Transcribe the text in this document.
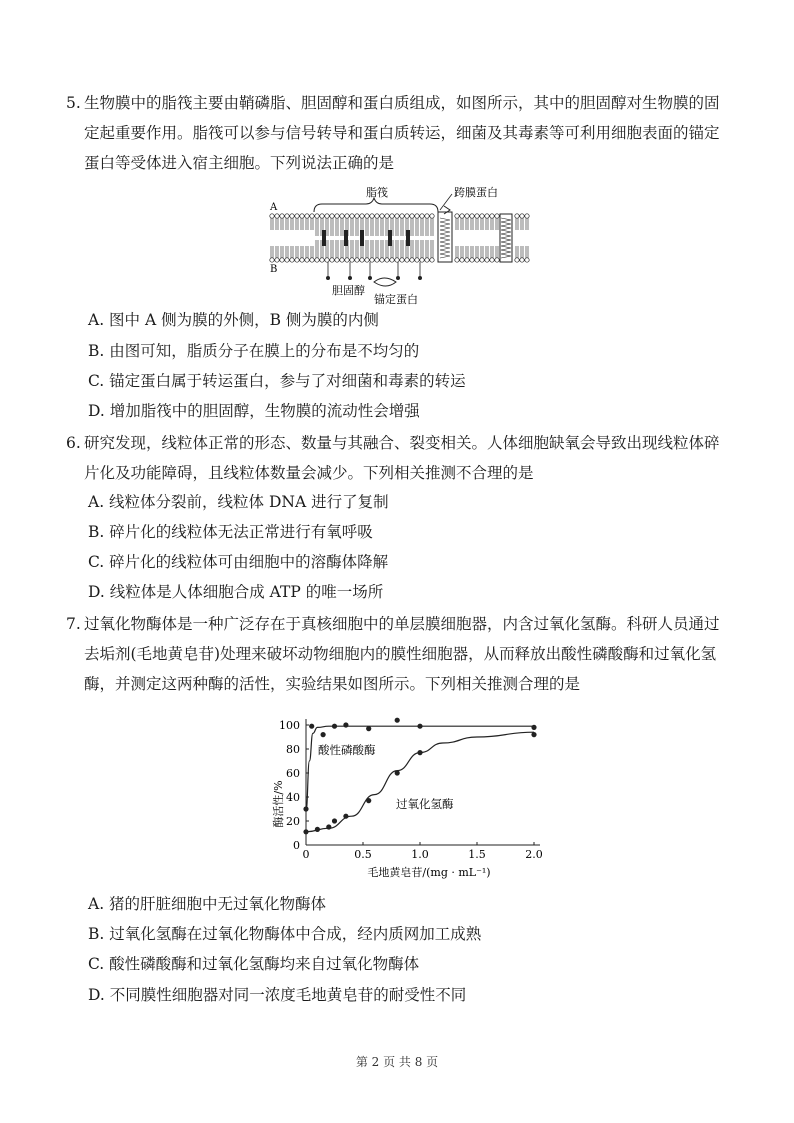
5. 生物膜中的脂筏主要由鞘磷脂、胆固醇和蛋白质组成，如图所示，其中的胆固醇对生物膜的固定起重要作用。脂筏可以参与信号转导和蛋白质转运，细菌及其毒素等可利用细胞表面的锚定蛋白等受体进入宿主细胞。下列说法正确的是
A
B
脂筏	跨膜蛋白
胆固醇
锚定蛋白
A. 图中 A 侧为膜的外侧，B 侧为膜的内侧
B. 由图可知，脂质分子在膜上的分布是不均匀的
C. 锚定蛋白属于转运蛋白，参与了对细菌和毒素的转运
D. 增加脂筏中的胆固醇，生物膜的流动性会增强
6. 研究发现，线粒体正常的形态、数量与其融合、裂变相关。人体细胞缺氧会导致出现线粒体碎片化及功能障碍，且线粒体数量会减少。下列相关推测不合理的是
A. 线粒体分裂前，线粒体 DNA 进行了复制
B. 碎片化的线粒体无法正常进行有氧呼吸
C. 碎片化的线粒体可由细胞中的溶酶体降解
D. 线粒体是人体细胞合成 ATP 的唯一场所
7. 过氧化物酶体是一种广泛存在于真核细胞中的单层膜细胞器，内含过氧化氢酶。科研人员通过去垢剂(毛地黄皂苷)处理来破坏动物细胞内的膜性细胞器，从而释放出酸性磷酸酶和过氧化氢酶，并测定这两种酶的活性，实验结果如图所示。下列相关推测合理的是
0	0.5	1.0	1.5	2.0
0
20
40
60
80
100
酶活性/%
毛地黄皂苷/(mg · mL⁻¹)
酸性磷酸酶
过氧化氢酶
A. 猪的肝脏细胞中无过氧化物酶体
B. 过氧化氢酶在过氧化物酶体中合成，经内质网加工成熟
C. 酸性磷酸酶和过氧化氢酶均来自过氧化物酶体
D. 不同膜性细胞器对同一浓度毛地黄皂苷的耐受性不同
第 2 页 共 8 页
